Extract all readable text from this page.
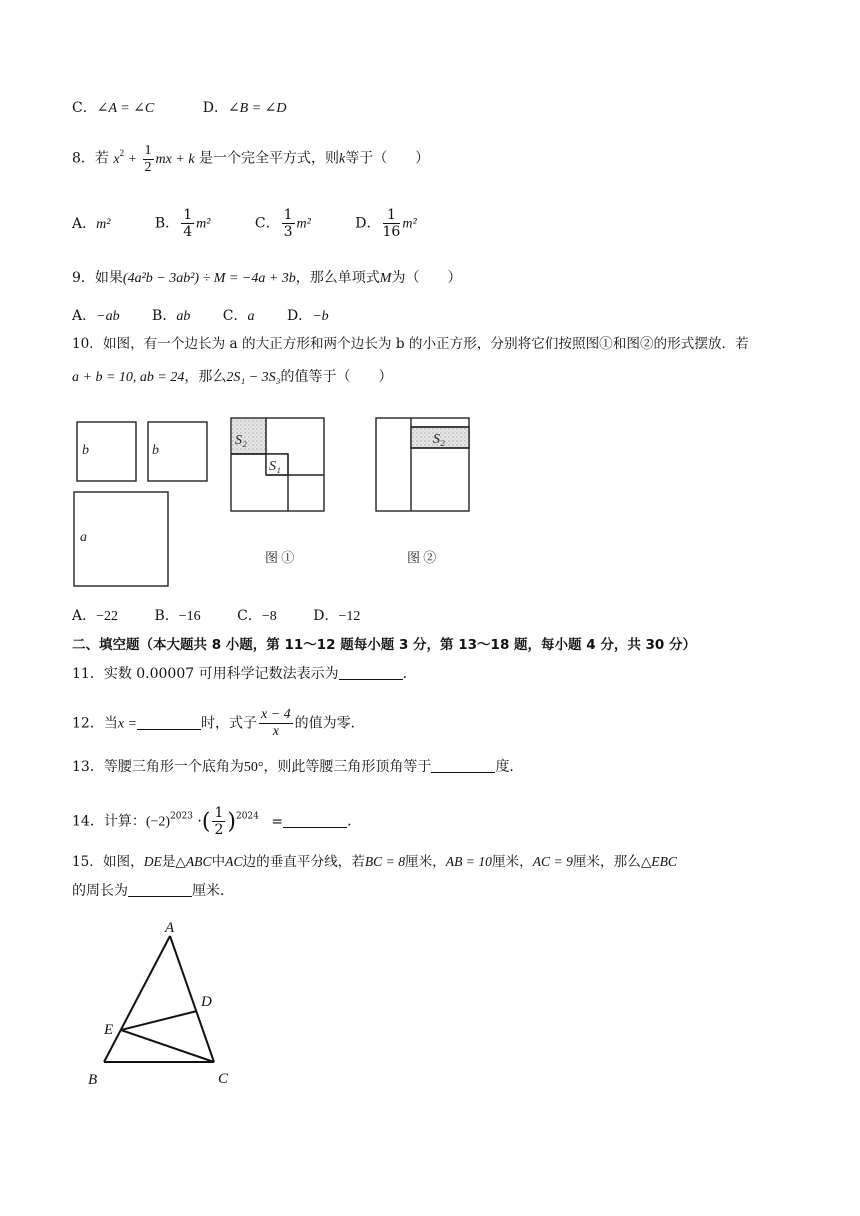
C．∠A = ∠C	D．∠B = ∠D
8．若 $x^2 + \frac{1}{2}$ mx + k 是一个完全平方式，则k等于（　　）
A．m²	B． $\frac{1}{4} m^2$	C． $\frac{1}{3} m^2$	D． $\frac{1}{16} m^2$
9．如果(4a²b − 3ab²) ÷ M = −4a + 3b，那么单项式M为（　　）
A．−ab B．ab C．a D．−b
10．如图，有一个边长为 a 的大正方形和两个边长为 b 的小正方形，分别将它们按照图①和图②的形式摆放．若
a + b = 10, ab = 24，那么2S₁ − 3S₃的值等于（　　）
b	b
a
S₂
S₁
S₂
图 ①	图 ②
A
B	C
D
E
A．−22	B．−16	C．−8	D．−12
二、填空题（本大题共 8 小题，第 11～12 题每小题 3 分，第 13～18 题，每小题 4 分，共 30 分）
11．实数 0.00007 可用科学记数法表示为	．
12．当x =	时，式子 $\frac{x - 4}{x}$ 的值为零．
13．等腰三角形一个底角为50°，则此等腰三角形顶角等于	度．
14．计算：$(-2)^{2023}$ ·( $\frac{1}{2} )^{2024}$ =	．
15．如图，DE是△ABC中AC边的垂直平分线，若BC = 8厘米，AB = 10厘米，AC = 9厘米，那么△EBC
的周长为	厘米．
